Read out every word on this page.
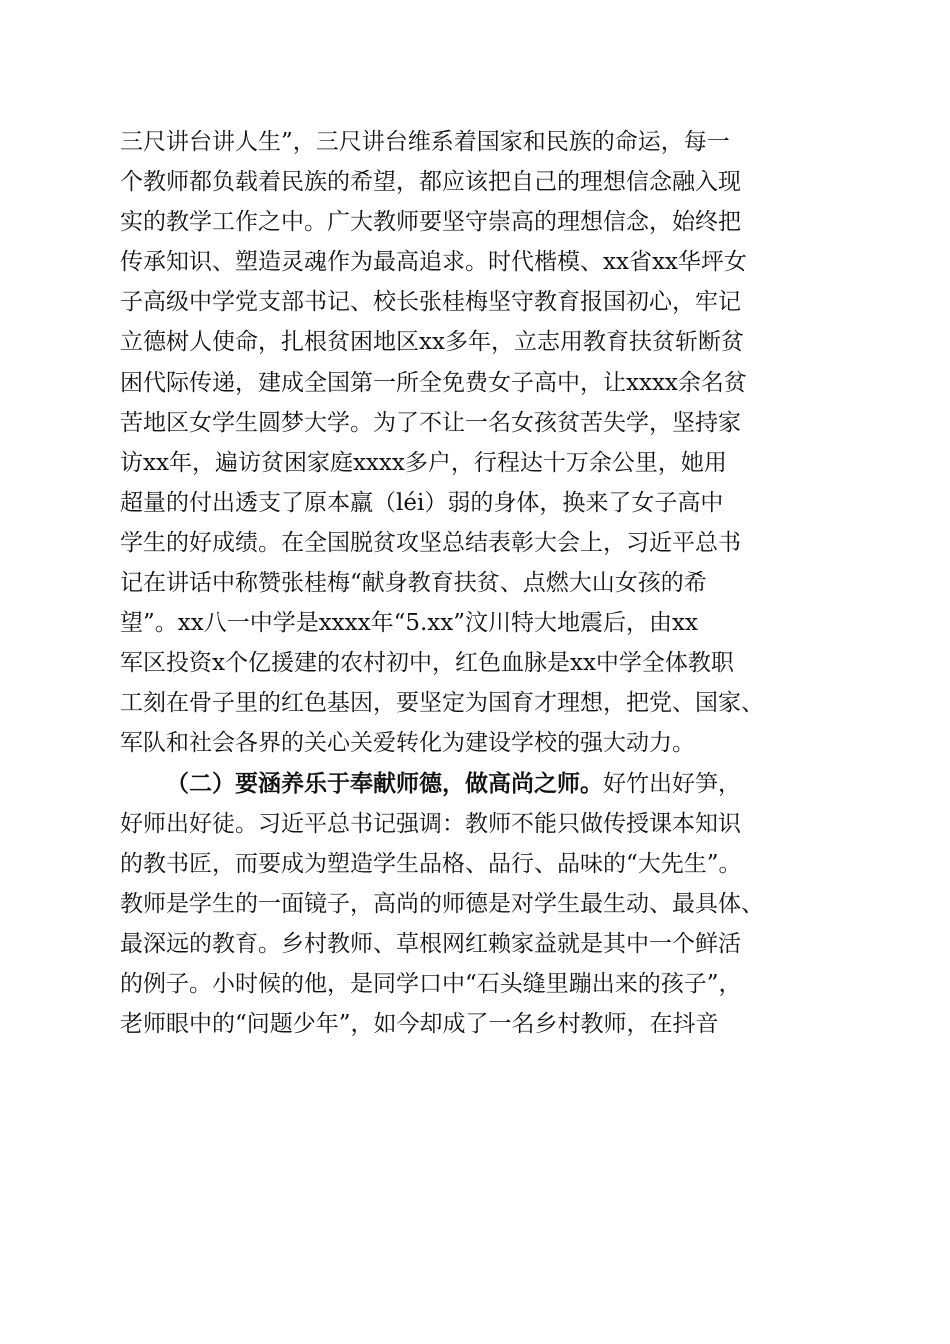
三尺讲台讲人生”，三尺讲台维系着国家和民族的命运，每一
个教师都负载着民族的希望，都应该把自己的理想信念融入现
实的教学工作之中。广大教师要坚守崇高的理想信念，始终把
传承知识、塑造灵魂作为最高追求。时代楷模、xx省xx华坪女
子高级中学党支部书记、校长张桂梅坚守教育报国初心，牢记
立德树人使命，扎根贫困地区xx多年，立志用教育扶贫斩断贫
困代际传递，建成全国第一所全免费女子高中，让xxxx余名贫
苦地区女学生圆梦大学。为了不让一名女孩贫苦失学，坚持家
访xx年，遍访贫困家庭xxxx多户，行程达十万余公里，她用
超量的付出透支了原本羸（léi）弱的身体，换来了女子高中
学生的好成绩。在全国脱贫攻坚总结表彰大会上，习近平总书
记在讲话中称赞张桂梅“献身教育扶贫、点燃大山女孩的希
望”。xx八一中学是xxxx年“5.xx”汶川特大地震后，由xx
军区投资x个亿援建的农村初中，红色血脉是xx中学全体教职
工刻在骨子里的红色基因，要坚定为国育才理想，把党、国家、
军队和社会各界的关心关爱转化为建设学校的强大动力。
（二）要涵养乐于奉献师德，做高尚之师。好竹出好笋，
好师出好徒。习近平总书记强调：教师不能只做传授课本知识
的教书匠，而要成为塑造学生品格、品行、品味的“大先生”。
教师是学生的一面镜子，高尚的师德是对学生最生动、最具体、
最深远的教育。乡村教师、草根网红赖家益就是其中一个鲜活
的例子。小时候的他，是同学口中“石头缝里蹦出来的孩子”，
老师眼中的“问题少年”，如今却成了一名乡村教师，在抖音
